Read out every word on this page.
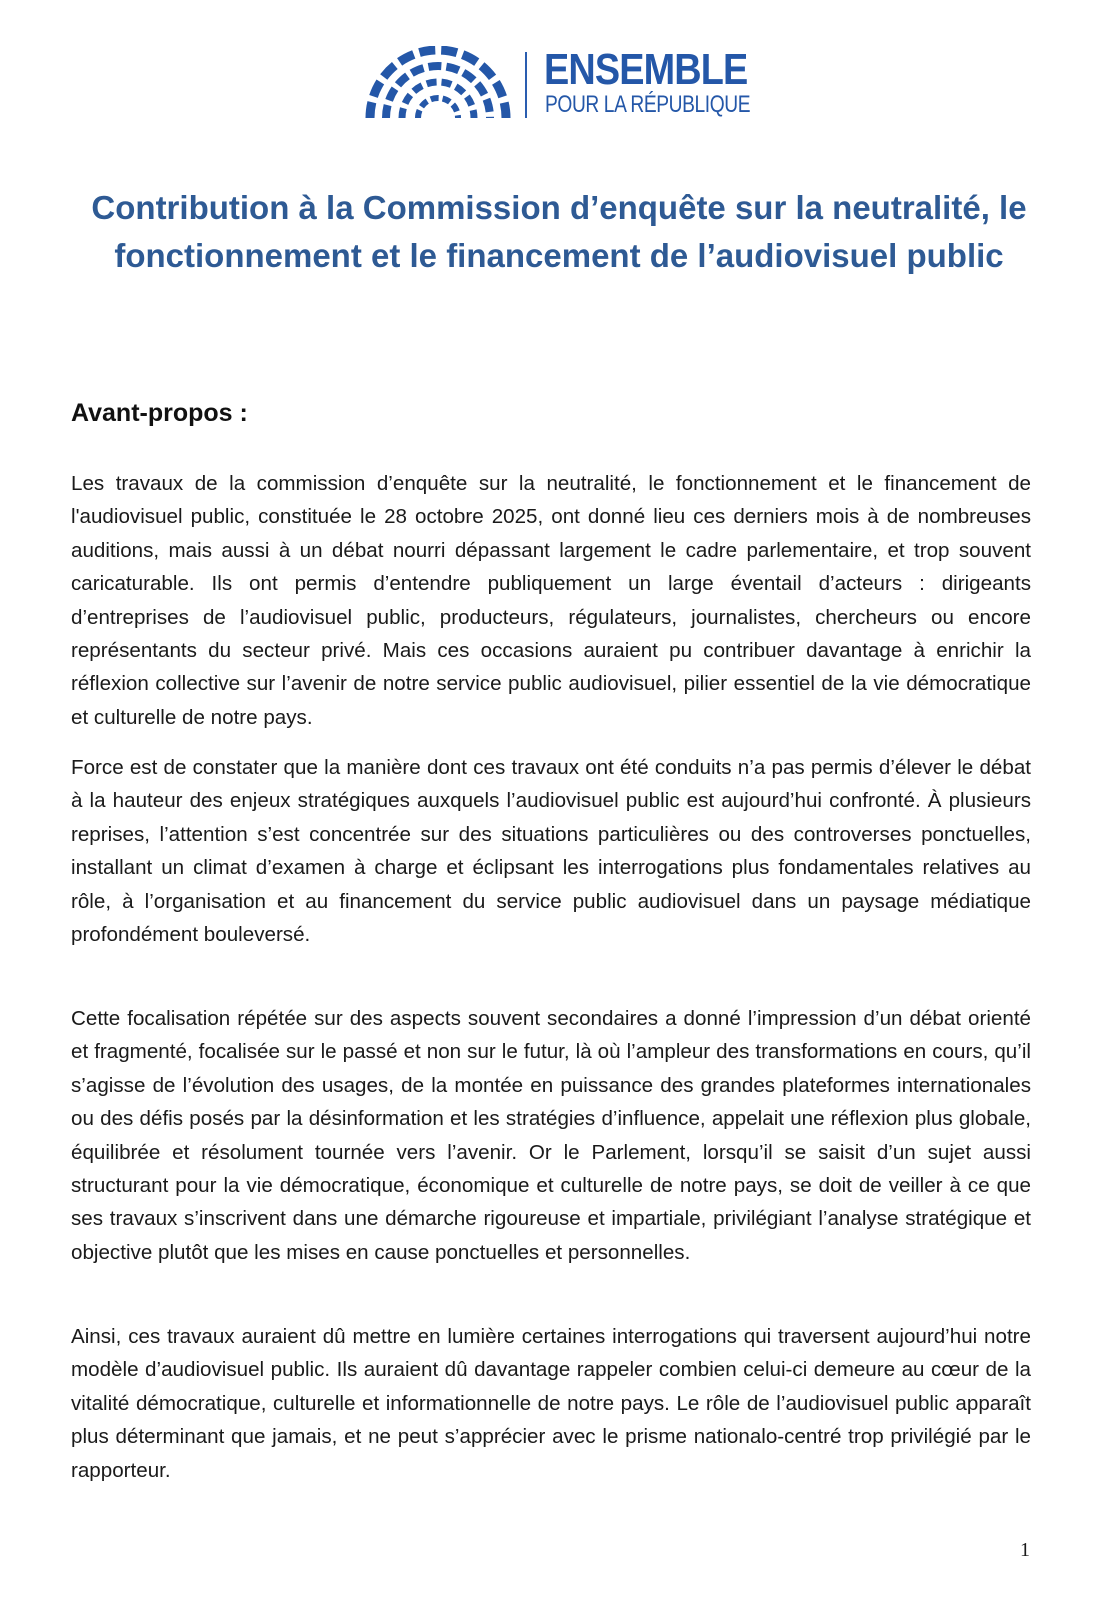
ENSEMBLE
POUR LA RÉPUBLIQUE
Contribution à la Commission d’enquête sur la neutralité, le fonctionnement et le financement de l’audiovisuel public
Avant-propos :

Les travaux de la commission d’enquête sur la neutralité, le fonctionnement et le financement de l'audiovisuel public, constituée le 28 octobre 2025, ont donné lieu ces derniers mois à de nombreuses auditions, mais aussi à un débat nourri dépassant largement le cadre parlementaire, et trop souvent caricaturable. Ils ont permis d’entendre publiquement un large éventail d’acteurs : dirigeants d’entreprises de l’audiovisuel public, producteurs, régulateurs, journalistes, chercheurs ou encore représentants du secteur privé. Mais ces occasions auraient pu contribuer davantage à enrichir la réflexion collective sur l’avenir de notre service public audiovisuel, pilier essentiel de la vie démocratique et culturelle de notre pays.

Force est de constater que la manière dont ces travaux ont été conduits n’a pas permis d’élever le débat à la hauteur des enjeux stratégiques auxquels l’audiovisuel public est aujourd’hui confronté. À plusieurs reprises, l’attention s’est concentrée sur des situations particulières ou des controverses ponctuelles, installant un climat d’examen à charge et éclipsant les interrogations plus fondamentales relatives au rôle, à l’organisation et au financement du service public audiovisuel dans un paysage médiatique profondément bouleversé.

Cette focalisation répétée sur des aspects souvent secondaires a donné l’impression d’un débat orienté et fragmenté, focalisée sur le passé et non sur le futur, là où l’ampleur des transformations en cours, qu’il s’agisse de l’évolution des usages, de la montée en puissance des grandes plateformes internationales ou des défis posés par la désinformation et les stratégies d’influence, appelait une réflexion plus globale, équilibrée et résolument tournée vers l’avenir. Or le Parlement, lorsqu’il se saisit d’un sujet aussi structurant pour la vie démocratique, économique et culturelle de notre pays, se doit de veiller à ce que ses travaux s’inscrivent dans une démarche rigoureuse et impartiale, privilégiant l’analyse stratégique et objective plutôt que les mises en cause ponctuelles et personnelles.

Ainsi, ces travaux auraient dû mettre en lumière certaines interrogations qui traversent aujourd’hui notre modèle d’audiovisuel public. Ils auraient dû davantage rappeler combien celui-ci demeure au cœur de la vitalité démocratique, culturelle et informationnelle de notre pays. Le rôle de l’audiovisuel public apparaît plus déterminant que jamais, et ne peut s’apprécier avec le prisme nationalo-centré trop privilégié par le rapporteur.

1
